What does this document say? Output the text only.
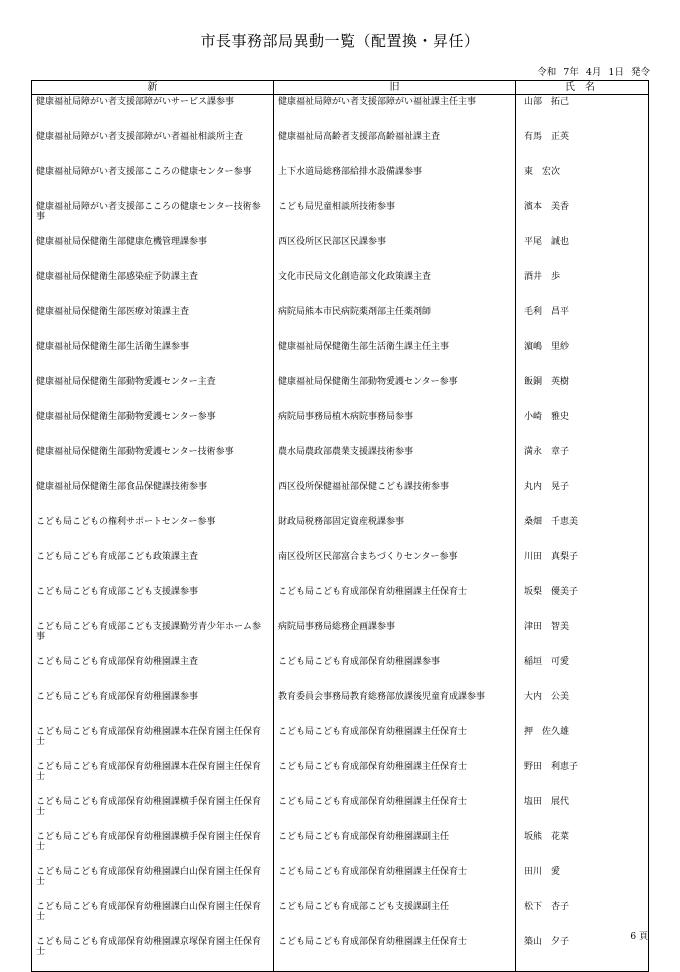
市長事務部局異動一覧（配置換・昇任）
令和 7年 4月 1日 発令
新	旧	氏名
健康福祉局障がい者支援部障がいサービス課参事	健康福祉局障がい者支援部障がい福祉課主任主事	山部　拓己
健康福祉局障がい者支援部障がい者福祉相談所主査	健康福祉局高齢者支援部高齢福祉課主査	有馬　正英
健康福祉局障がい者支援部こころの健康センター参事	上下水道局総務部給排水設備課参事	東　宏次
健康福祉局障がい者支援部こころの健康センター技術参事	こども局児童相談所技術参事	濱本　美香
健康福祉局保健衛生部健康危機管理課参事	西区役所区民部区民課参事	平尾　誠也
健康福祉局保健衛生部感染症予防課主査	文化市民局文化創造部文化政策課主査	酒井　歩
健康福祉局保健衛生部医療対策課主査	病院局熊本市民病院薬剤部主任薬剤師	毛利　昌平
健康福祉局保健衛生部生活衛生課参事	健康福祉局保健衛生部生活衛生課主任主事	濵嶋　里紗
健康福祉局保健衛生部動物愛護センター主査	健康福祉局保健衛生部動物愛護センター参事	飯銅　英樹
健康福祉局保健衛生部動物愛護センター参事	病院局事務局植木病院事務局参事	小崎　雅史
健康福祉局保健衛生部動物愛護センター技術参事	農水局農政部農業支援課技術参事	満永　章子
健康福祉局保健衛生部食品保健課技術参事	西区役所保健福祉部保健こども課技術参事	丸内　晃子
こども局こどもの権利サポートセンター参事	財政局税務部固定資産税課参事	桑畑　千恵美
こども局こども育成部こども政策課主査	南区役所区民部富合まちづくりセンター参事	川田　真梨子
こども局こども育成部こども支援課参事	こども局こども育成部保育幼稚園課主任保育士	坂梨　優美子
こども局こども育成部こども支援課勤労青少年ホーム参事	病院局事務局総務企画課参事	津田　智美
こども局こども育成部保育幼稚園課主査	こども局こども育成部保育幼稚園課参事	稲垣　可愛
こども局こども育成部保育幼稚園課参事	教育委員会事務局教育総務部放課後児童育成課参事	大内　公美
こども局こども育成部保育幼稚園課本荘保育園主任保育士	こども局こども育成部保育幼稚園課主任保育士	押　佐久雄
こども局こども育成部保育幼稚園課本荘保育園主任保育士	こども局こども育成部保育幼稚園課主任保育士	野田　利恵子
こども局こども育成部保育幼稚園課横手保育園主任保育士	こども局こども育成部保育幼稚園課主任保育士	塩田　展代
こども局こども育成部保育幼稚園課横手保育園主任保育士	こども局こども育成部保育幼稚園課副主任	坂熊　花菜
こども局こども育成部保育幼稚園課白山保育園主任保育士	こども局こども育成部保育幼稚園課主任保育士	田川　愛
こども局こども育成部保育幼稚園課白山保育園主任保育士	こども局こども育成部こども支援課副主任	松下　杏子
こども局こども育成部保育幼稚園課京塚保育園主任保育士	こども局こども育成部保育幼稚園課主任保育士	築山　夕子	6 頁
